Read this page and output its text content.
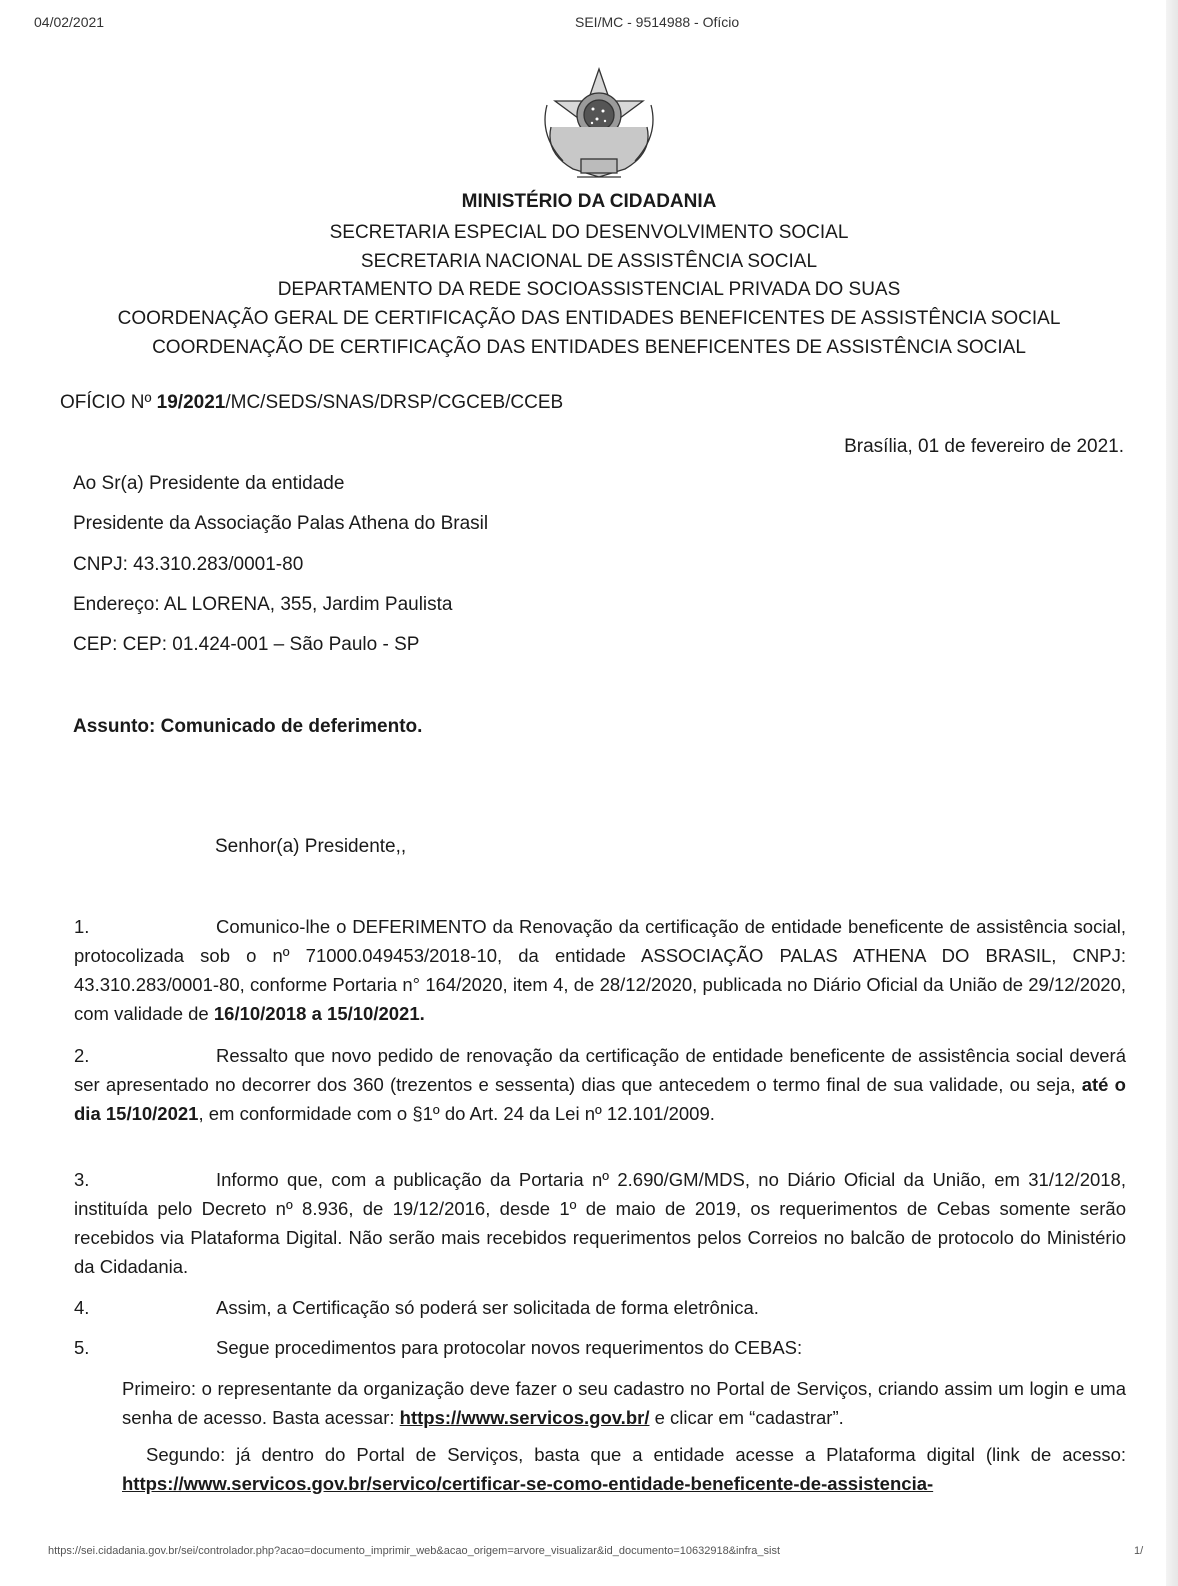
04/02/2021	SEI/MC - 9514988 - Ofício
MINISTÉRIO DA CIDADANIA
SECRETARIA ESPECIAL DO DESENVOLVIMENTO SOCIAL
SECRETARIA NACIONAL DE ASSISTÊNCIA SOCIAL
DEPARTAMENTO DA REDE SOCIOASSISTENCIAL PRIVADA DO SUAS
COORDENAÇÃO GERAL DE CERTIFICAÇÃO DAS ENTIDADES BENEFICENTES DE ASSISTÊNCIA SOCIAL
COORDENAÇÃO DE CERTIFICAÇÃO DAS ENTIDADES BENEFICENTES DE ASSISTÊNCIA SOCIAL
OFÍCIO Nº 19/2021/MC/SEDS/SNAS/DRSP/CGCEB/CCEB
Brasília, 01 de fevereiro de 2021.
Ao Sr(a) Presidente da entidade
Presidente da Associação Palas Athena do Brasil
CNPJ: 43.310.283/0001-80
Endereço: AL LORENA, 355, Jardim Paulista
CEP: CEP: 01.424-001 – São Paulo - SP
Assunto: Comunicado de deferimento.
Senhor(a) Presidente,,
1.	Comunico-lhe o DEFERIMENTO da Renovação da certificação de entidade beneficente de assistência social, protocolizada sob o nº 71000.049453/2018-10, da entidade ASSOCIAÇÃO PALAS ATHENA DO BRASIL, CNPJ: 43.310.283/0001-80, conforme Portaria n° 164/2020, item 4, de 28/12/2020, publicada no Diário Oficial da União de 29/12/2020, com validade de 16/10/2018 a 15/10/2021.
2.	Ressalto que novo pedido de renovação da certificação de entidade beneficente de assistência social deverá ser apresentado no decorrer dos 360 (trezentos e sessenta) dias que antecedem o termo final de sua validade, ou seja, até o dia 15/10/2021, em conformidade com o §1º do Art. 24 da Lei nº 12.101/2009.
3.	Informo que, com a publicação da Portaria nº 2.690/GM/MDS, no Diário Oficial da União, em 31/12/2018, instituída pelo Decreto nº 8.936, de 19/12/2016, desde 1º de maio de 2019, os requerimentos de Cebas somente serão recebidos via Plataforma Digital. Não serão mais recebidos requerimentos pelos Correios no balcão de protocolo do Ministério da Cidadania.
4.	Assim, a Certificação só poderá ser solicitada de forma eletrônica.
5.	Segue procedimentos para protocolar novos requerimentos do CEBAS:
Primeiro: o representante da organização deve fazer o seu cadastro no Portal de Serviços, criando assim um login e uma senha de acesso. Basta acessar: https://www.servicos.gov.br/ e clicar em “cadastrar”.
Segundo: já dentro do Portal de Serviços, basta que a entidade acesse a Plataforma digital (link de acesso: https://www.servicos.gov.br/servico/certificar-se-como-entidade-beneficente-de-assistencia-
https://sei.cidadania.gov.br/sei/controlador.php?acao=documento_imprimir_web&acao_origem=arvore_visualizar&id_documento=10632918&infra_sist	1/
